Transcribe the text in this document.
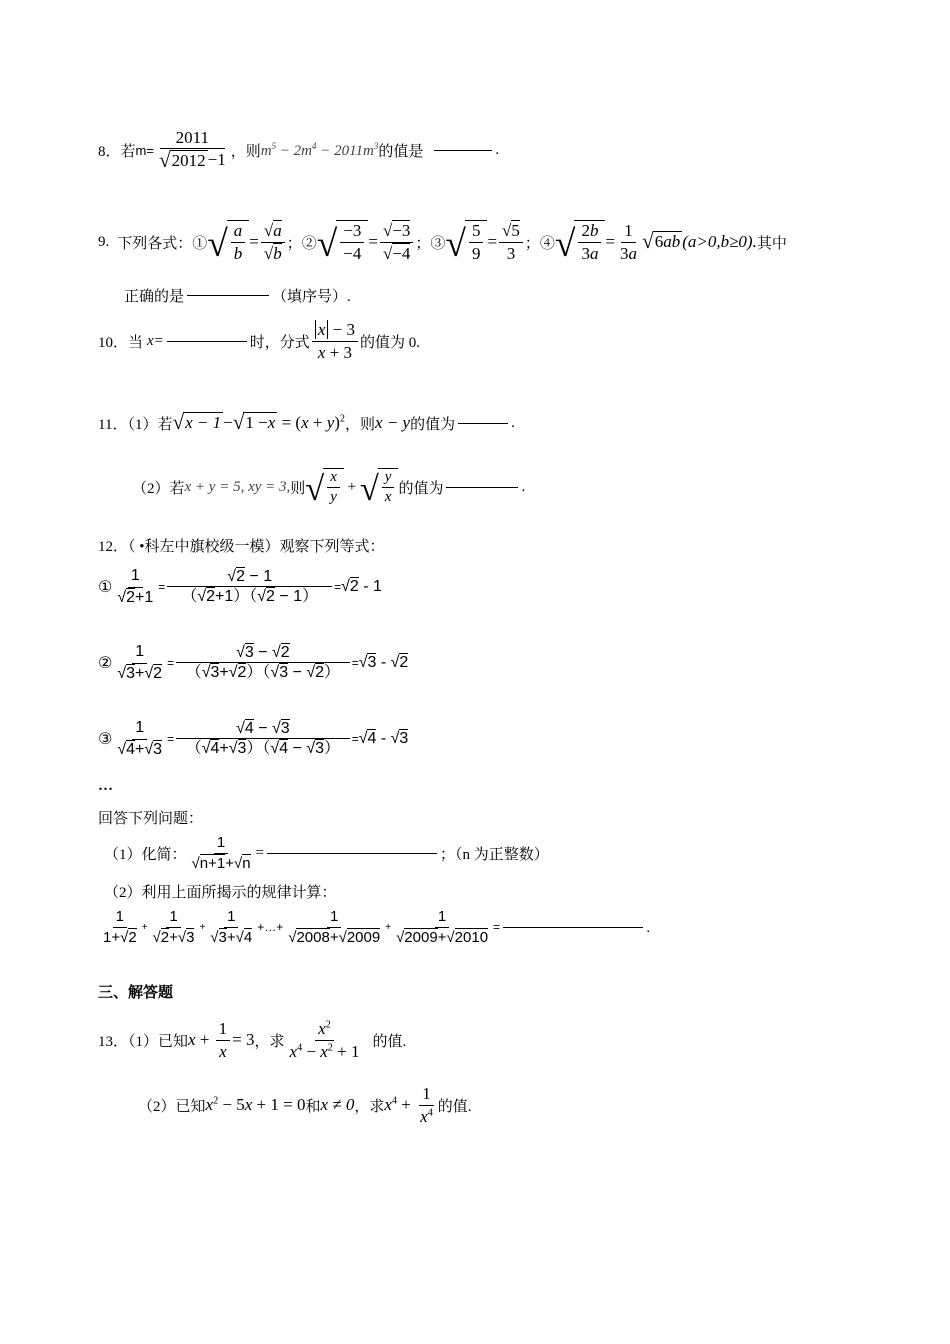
8．若 $m= \frac{2011}{√ 2012 -1}$ ，则 $m^5 - 2m^4 - 2011m^3$ 的值是	.
9. 下列各式：① √ $\frac{a}{b} = \frac{√a}{√b}$ ；② √ $\frac{-3}{-4} = \frac{√-3}{√-4}$ ；③ √ $\frac{5}{9} = \frac{√5}{3}$ ；④ √ $\frac{2b}{3a} = \frac{1}{3a}$ √ 6 ab (a>0,b≥0). 其中
正确的是	（填序号）.
10．当 x=	时，分式 $\frac{x - 3}{x + 3}$ 的值为 0.
11．（1）若 √ x − 1 − √ $1 - x = (x + y)^2$ ，则 x − y 的值为	.
（2）若 x + y = 5, xy = 3, 则 √ $\frac{x}{y}$ + √ $\frac{y}{x}$ 的值为	.
12．（ •科左中旗校级一模）观察下列等式：
① $\frac{1}{√2+1} = \frac{√2 - 1}{(√2+1)(√2 - 1)} = √2 - 1$
② $\frac{1}{√3+√2} = \frac{√3 - √2}{(√3+√2)(√3 - √2)} = √3 - √2$
③ $\frac{1}{√4+√3} = \frac{√4 - √3}{(√4+√3)(√4 - √3)} = √4 - √3$
…
回答下列问题：
（1）化简： $\frac{1}{√n+1+√n}$ =	；（n 为正整数）
（2）利用上面所揭示的规律计算：
$\frac{1}{1+√2} + \frac{1}{√2+√3} + \frac{1}{√3+√4}$ +…+ $\frac{1}{√2008+√2009} + \frac{1}{√2009+√2010}$ =	.
三、解答题
13．（1）已知 $x + \frac{1}{x} = 3$ ，求 $\frac{x^2}{x^4 - x^2 + 1}$ 的值.
（2）已知 $x^2 - 5x + 1 = 0$ 和 x ≠ 0 ，求 $x^4 + \frac{1}{x^4}$ 的值.
